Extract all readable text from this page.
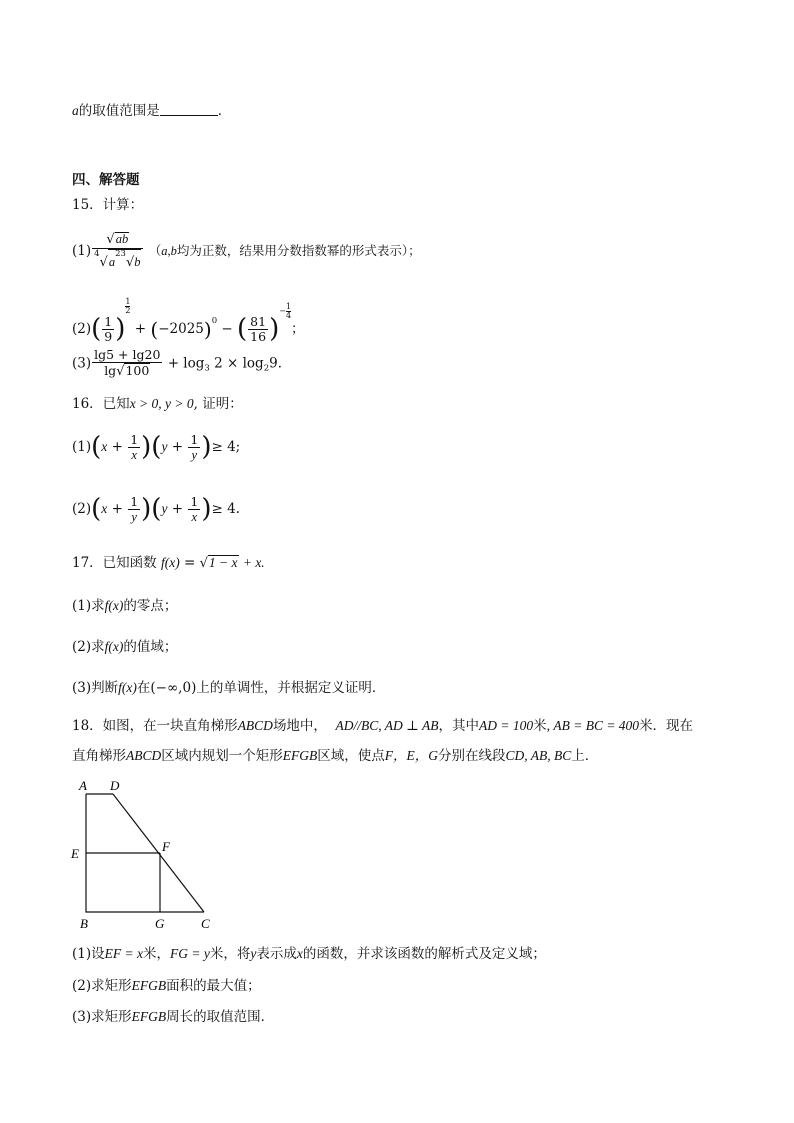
a的取值范围是	．
四、解答题
15．计算：
$(1) \frac{√ab}{^4√a^{23}√b} (a,b$均为正数，结果用分数指数幂的形式表示）；
$(2)( \frac{1}{9}$ )
$\frac{1}{2}$
+ $(-2025)^0$ − ( $\frac{81}{16}$ )− $\frac{1}{4}$
；
$(3) \frac{\lg 5 + \lg 20}{\lg√100} + \log_3 2 \times \log_29$．
16．已知x > 0, y > 0, 证明：
$(1)(x + \frac{1}{x} )(y + \frac{1}{y}$ )≥ 4;
$(2)(x + \frac{1}{y} )(y + \frac{1}{x}$ )≥ 4.
17．已知函数 f(x) = √1 − x + x.
(1)求f(x)的零点；
(2)求f(x)的值域；
(3)判断f(x)在(−∞,0)上的单调性，并根据定义证明．
18．如图，在一块直角梯形ABCD场地中， AD//BC, AD ⊥ AB，其中AD = 100米, AB = BC = 400米．现在
直角梯形ABCD区域内规划一个矩形EFGB区域，使点F，E，G分别在线段CD, AB, BC上．
A D
E	F
B	G	C
(1)设EF = x米，FG = y米，将y表示成x的函数，并求该函数的解析式及定义域；
(2)求矩形EFGB面积的最大值；
(3)求矩形EFGB周长的取值范围．
